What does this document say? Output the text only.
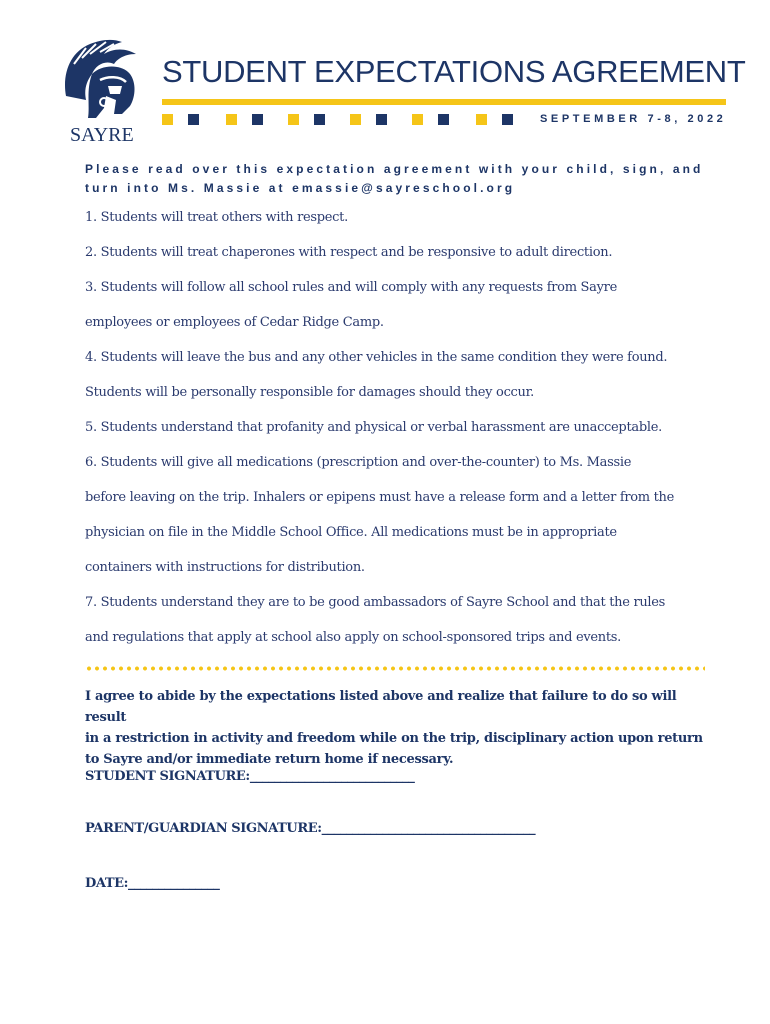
SAYRE
STUDENT EXPECTATIONS AGREEMENT
SEPTEMBER 7-8, 2022
Please read over this expectation agreement with your child, sign, and
turn into Ms. Massie at emassie@sayreschool.org
1. Students will treat others with respect.
2. Students will treat chaperones with respect and be responsive to adult direction.
3. Students will follow all school rules and will comply with any requests from Sayre
employees or employees of Cedar Ridge Camp.
4. Students will leave the bus and any other vehicles in the same condition they were found.
Students will be personally responsible for damages should they occur.
5. Students understand that profanity and physical or verbal harassment are unacceptable.
6. Students will give all medications (prescription and over-the-counter) to Ms. Massie
before leaving on the trip. Inhalers or epipens must have a release form and a letter from the
physician on file in the Middle School Office. All medications must be in appropriate
containers with instructions for distribution.
7. Students understand they are to be good ambassadors of Sayre School and that the rules
and regulations that apply at school also apply on school-sponsored trips and events.
I agree to abide by the expectations listed above and realize that failure to do so will result
in a restriction in activity and freedom while on the trip, disciplinary action upon return
to Sayre and/or immediate return home if necessary.
STUDENT SIGNATURE:___________________________
PARENT/GUARDIAN SIGNATURE:___________________________________
DATE:_______________
